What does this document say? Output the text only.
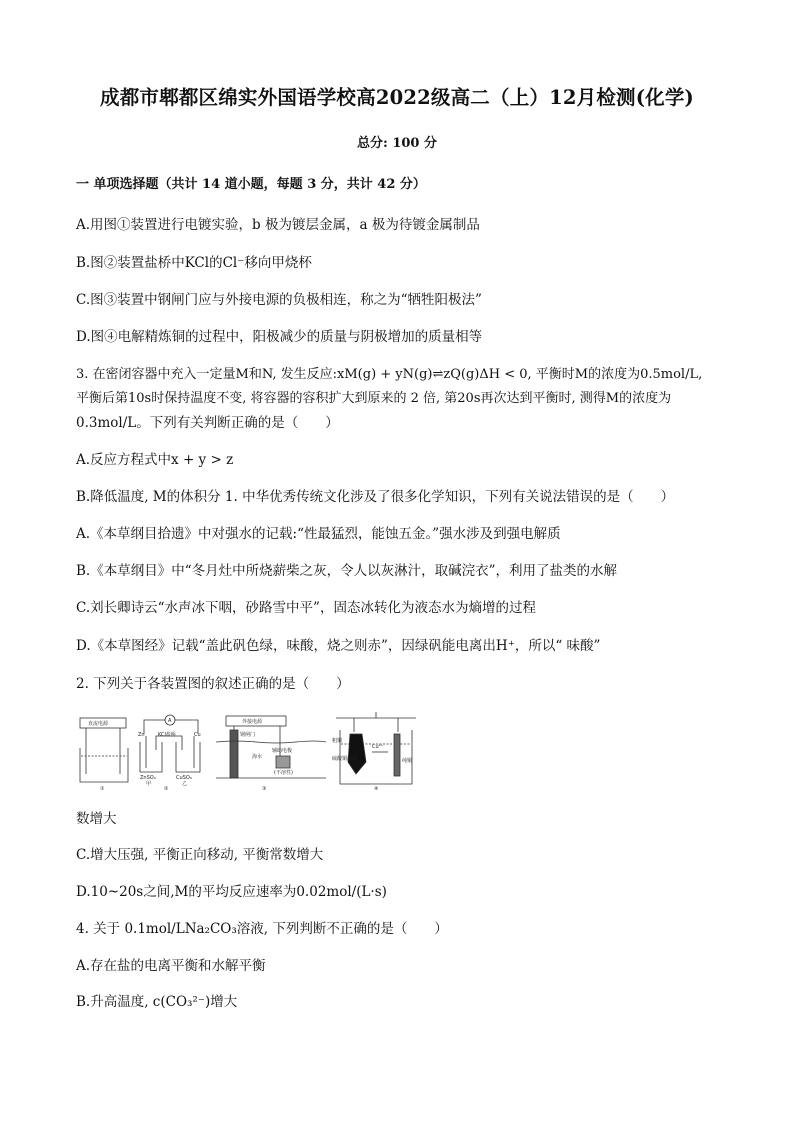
成都市郫都区绵实外国语学校高2022级高二（上）12月检测(化学)
总分: 100 分
一 单项选择题（共计 14 道小题，每题 3 分，共计 42 分）
A.用图①装置进行电镀实验，b 极为镀层金属，a 极为待镀金属制品
B.图②装置盐桥中KCl的Cl⁻移向甲烧杯
C.图③装置中钢闸门应与外接电源的负极相连，称之为“牺牲阳极法”
D.图④电解精炼铜的过程中，阳极减少的质量与阴极增加的质量相等
3. 在密闭容器中充入一定量M和N, 发生反应:xM(g) + yN(g)⇌zQ(g)ΔH < 0, 平衡时M的浓度为0.5mol/L,
平衡后第10s时保持温度不变, 将容器的容积扩大到原来的 2 倍, 第20s再次达到平衡时, 测得M的浓度为
0.3mol/L。下列有关判断正确的是（　　）
A.反应方程式中x + y > z
B.降低温度, M的体积分 1. 中华优秀传统文化涉及了很多化学知识，下列有关说法错误的是（　　）
A.《本草纲目拾遗》中对强水的记载:“性最猛烈，能蚀五金。”强水涉及到强电解质
B.《本草纲目》中“冬月灶中所烧薪柴之灰，令人以灰淋汁，取碱浣衣”，利用了盐类的水解
C.刘长卿诗云“水声冰下咽，砂路雪中平”，固态冰转化为液态水为熵增的过程
D.《本草图经》记载“盖此矾色绿，味酸，烧之则赤”，因绿矾能电离出H⁺，所以“ 味酸”
2. 下列关于各装置图的叙述正确的是（　　）
直流电源
①
A
Zn	KCl盐桥	Cu
ZnSO₄	CuSO₄
甲	乙
②
外接电源
钢闸门
海水
辅助电极
(不溶性)
③
粗铜
硫酸铜溶液	纯铜
Cu²⁺
④
数增大
C.增大压强, 平衡正向移动, 平衡常数增大
D.10~20s之间,M的平均反应速率为0.02mol/(L·s)
4. 关于 0.1mol/LNa₂CO₃溶液, 下列判断不正确的是（　　）
A.存在盐的电离平衡和水解平衡
B.升高温度, c(CO₃²⁻)增大
